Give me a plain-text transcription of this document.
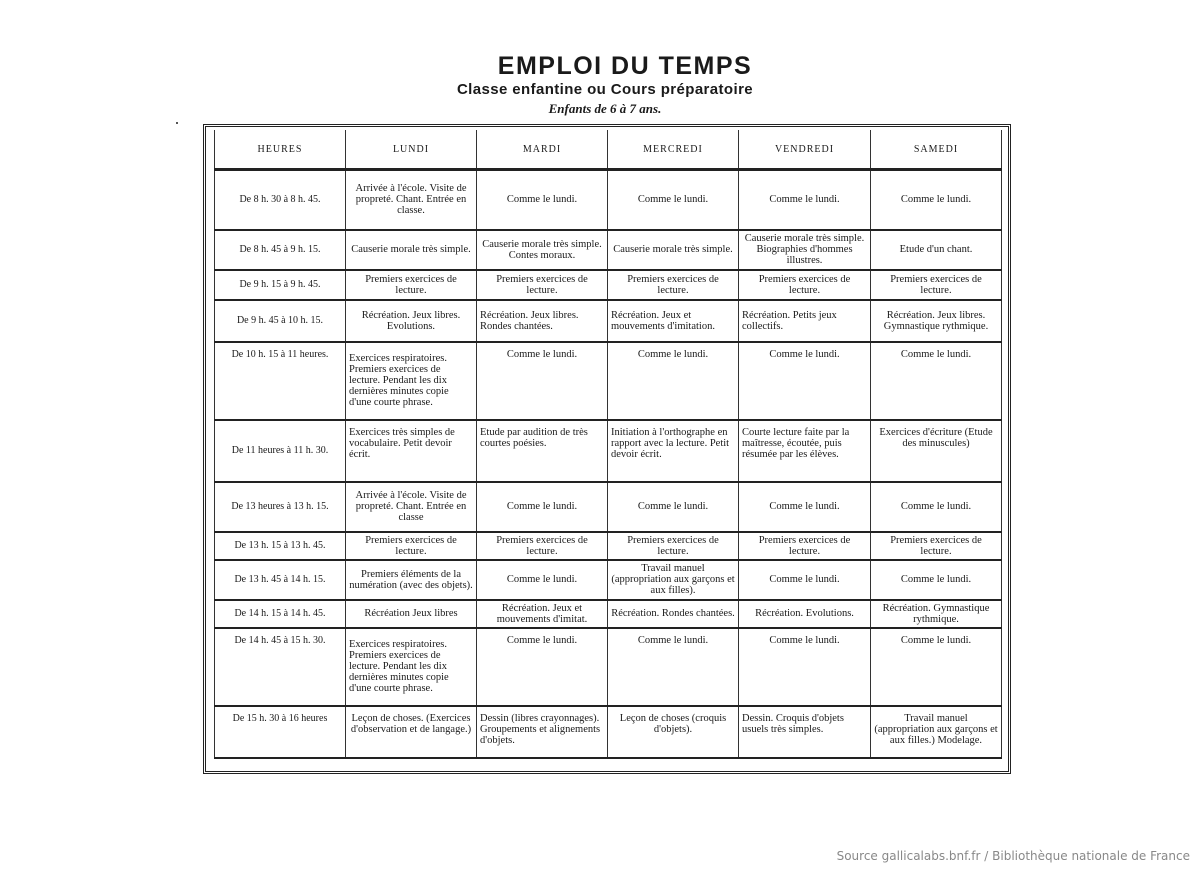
EMPLOI DU TEMPS
Classe enfantine ou Cours préparatoire
Enfants de 6 à 7 ans.
HEURES	LUNDI	MARDI	MERCREDI	VENDREDI	SAMEDI
De 8 h. 30 à 8 h. 45.	Arrivée à l'école. Visite de propreté. Chant. Entrée en classe.	Comme le lundi.	Comme le lundi.	Comme le lundi.	Comme le lundi.
De 8 h. 45 à 9 h. 15.	Causerie morale très simple.	Causerie morale très simple. Contes moraux.	Causerie morale très simple.	Causerie morale très simple. Biographies d'hommes illustres.	Etude d'un chant.
De 9 h. 15 à 9 h. 45.	Premiers exercices de lecture.	Premiers exercices de lecture.	Premiers exercices de lecture.	Premiers exercices de lecture.	Premiers exercices de lecture.
De 9 h. 45 à 10 h. 15.	Récréation. Jeux libres. Evolutions.	Récréation. Jeux libres. Rondes chantées.	Récréation. Jeux et mouvements d'imitation.	Récréation. Petits jeux collectifs.	Récréation. Jeux libres. Gymnastique rythmique.
De 10 h. 15 à 11 heures.	Exercices respiratoires. Premiers exercices de lecture. Pendant les dix dernières minutes copie d'une courte phrase.	Comme le lundi.	Comme le lundi.	Comme le lundi.	Comme le lundi.
De 11 heures à 11 h. 30.	Exercices très simples de vocabulaire. Petit devoir écrit.	Etude par audition de très courtes poésies.	Initiation à l'orthographe en rapport avec la lecture. Petit devoir écrit.	Courte lecture faite par la maîtresse, écoutée, puis résumée par les élèves.	Exercices d'écriture (Etude des minuscules)
De 13 heures à 13 h. 15.	Arrivée à l'école. Visite de propreté. Chant. Entrée en classe	Comme le lundi.	Comme le lundi.	Comme le lundi.	Comme le lundi.
De 13 h. 15 à 13 h. 45.	Premiers exercices de lecture.	Premiers exercices de lecture.	Premiers exercices de lecture.	Premiers exercices de lecture.	Premiers exercices de lecture.
De 13 h. 45 à 14 h. 15.	Premiers éléments de la numération (avec des objets).	Comme le lundi.	Travail manuel (appropriation aux garçons et aux filles).	Comme le lundi.	Comme le lundi.
De 14 h. 15 à 14 h. 45.	Récréation Jeux libres	Récréation. Jeux et mouvements d'imitat.	Récréation. Rondes chantées.	Récréation. Evolutions.	Récréation. Gymnastique rythmique.
De 14 h. 45 à 15 h. 30.	Exercices respiratoires. Premiers exercices de lecture. Pendant les dix dernières minutes copie d'une courte phrase.	Comme le lundi.	Comme le lundi.	Comme le lundi.	Comme le lundi.
De 15 h. 30 à 16 heures	Leçon de choses. (Exercices d'observation et de langage.)	Dessin (libres crayonnages). Groupements et alignements d'objets.	Leçon de choses (croquis d'objets).	Dessin. Croquis d'objets usuels très simples.	Travail manuel (appropriation aux garçons et aux filles.) Modelage.
Source gallicalabs.bnf.fr / Bibliothèque nationale de France
